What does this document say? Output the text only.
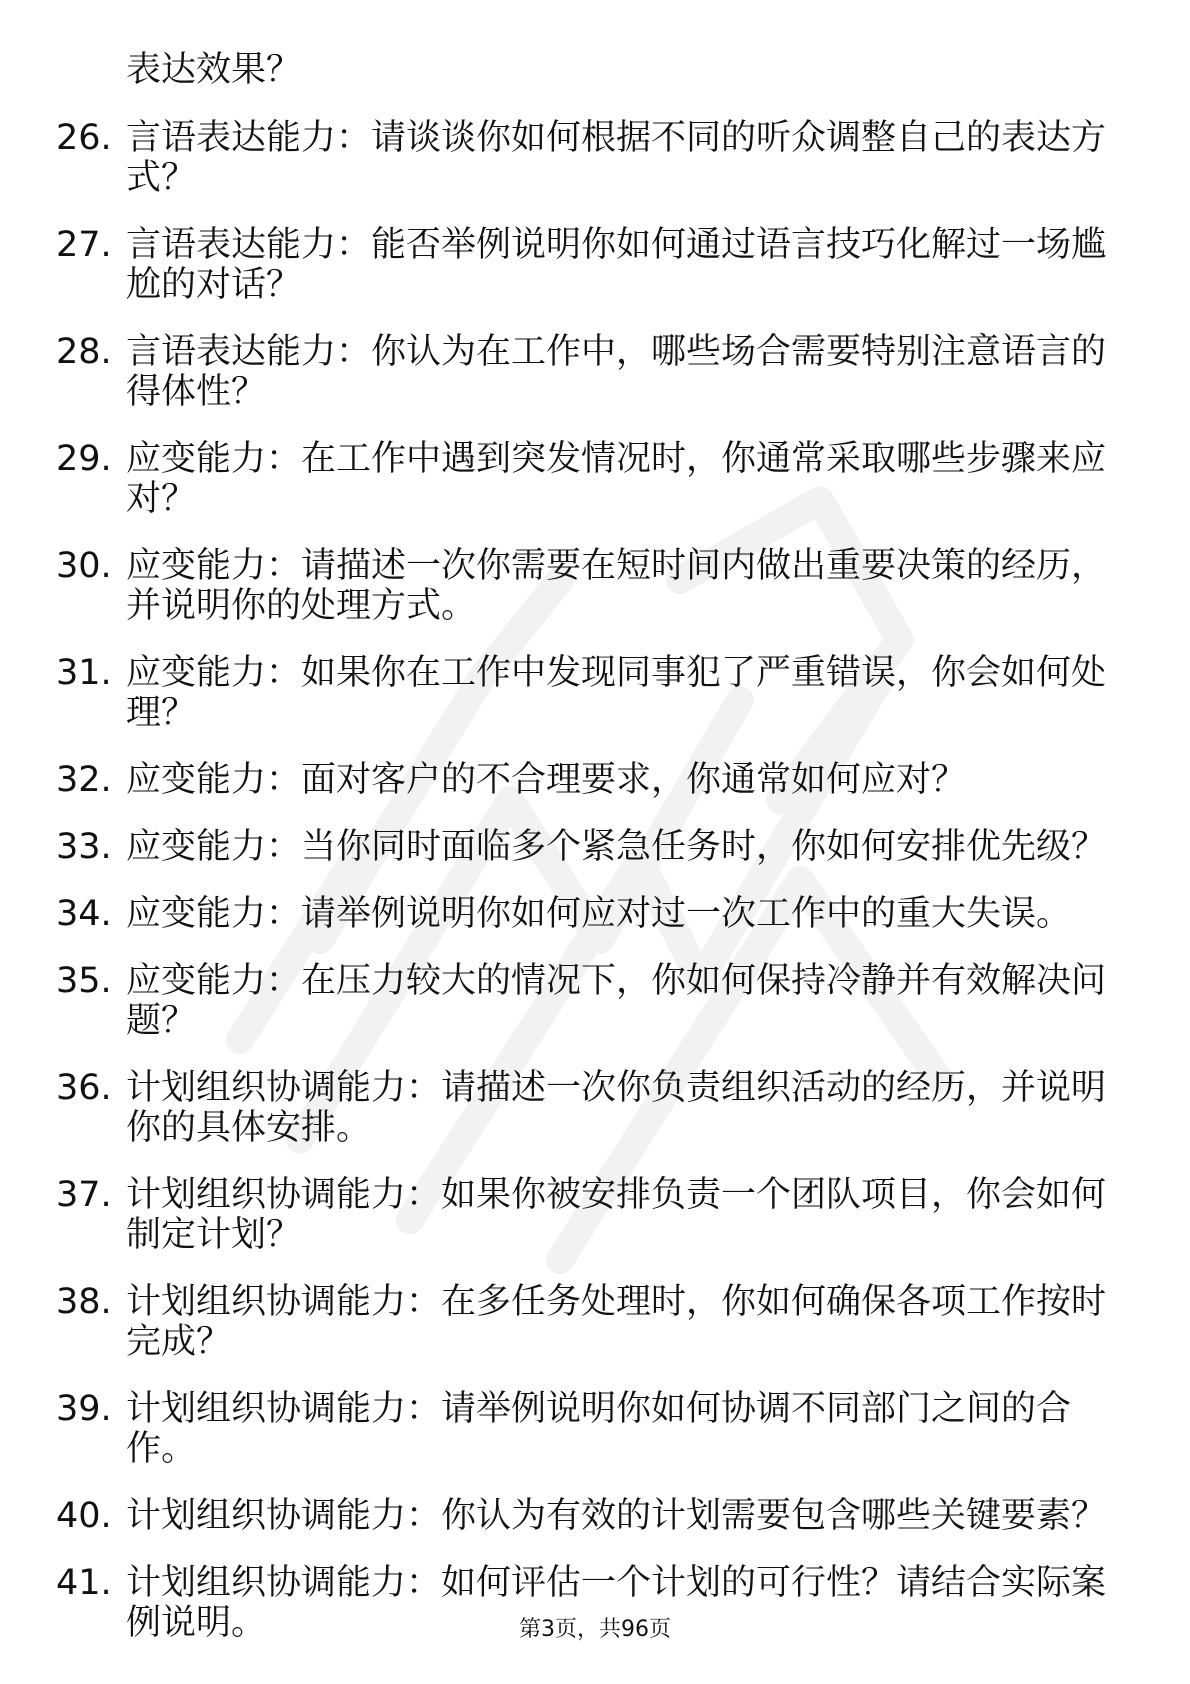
表达效果？
26. 言语表达能力：请谈谈你如何根据不同的听众调整自己的表达方式？
27. 言语表达能力：能否举例说明你如何通过语言技巧化解过一场尴尬的对话？
28. 言语表达能力：你认为在工作中，哪些场合需要特别注意语言的得体性？
29. 应变能力：在工作中遇到突发情况时，你通常采取哪些步骤来应对？
30. 应变能力：请描述一次你需要在短时间内做出重要决策的经历，并说明你的处理方式。
31. 应变能力：如果你在工作中发现同事犯了严重错误，你会如何处理？
32. 应变能力：面对客户的不合理要求，你通常如何应对？
33. 应变能力：当你同时面临多个紧急任务时，你如何安排优先级？
34. 应变能力：请举例说明你如何应对过一次工作中的重大失误。
35. 应变能力：在压力较大的情况下，你如何保持冷静并有效解决问题？
36. 计划组织协调能力：请描述一次你负责组织活动的经历，并说明你的具体安排。
37. 计划组织协调能力：如果你被安排负责一个团队项目，你会如何制定计划？
38. 计划组织协调能力：在多任务处理时，你如何确保各项工作按时完成？
39. 计划组织协调能力：请举例说明你如何协调不同部门之间的合作。
40. 计划组织协调能力：你认为有效的计划需要包含哪些关键要素？
41. 计划组织协调能力：如何评估一个计划的可行性？请结合实际案例说明。	第3页，共96页
